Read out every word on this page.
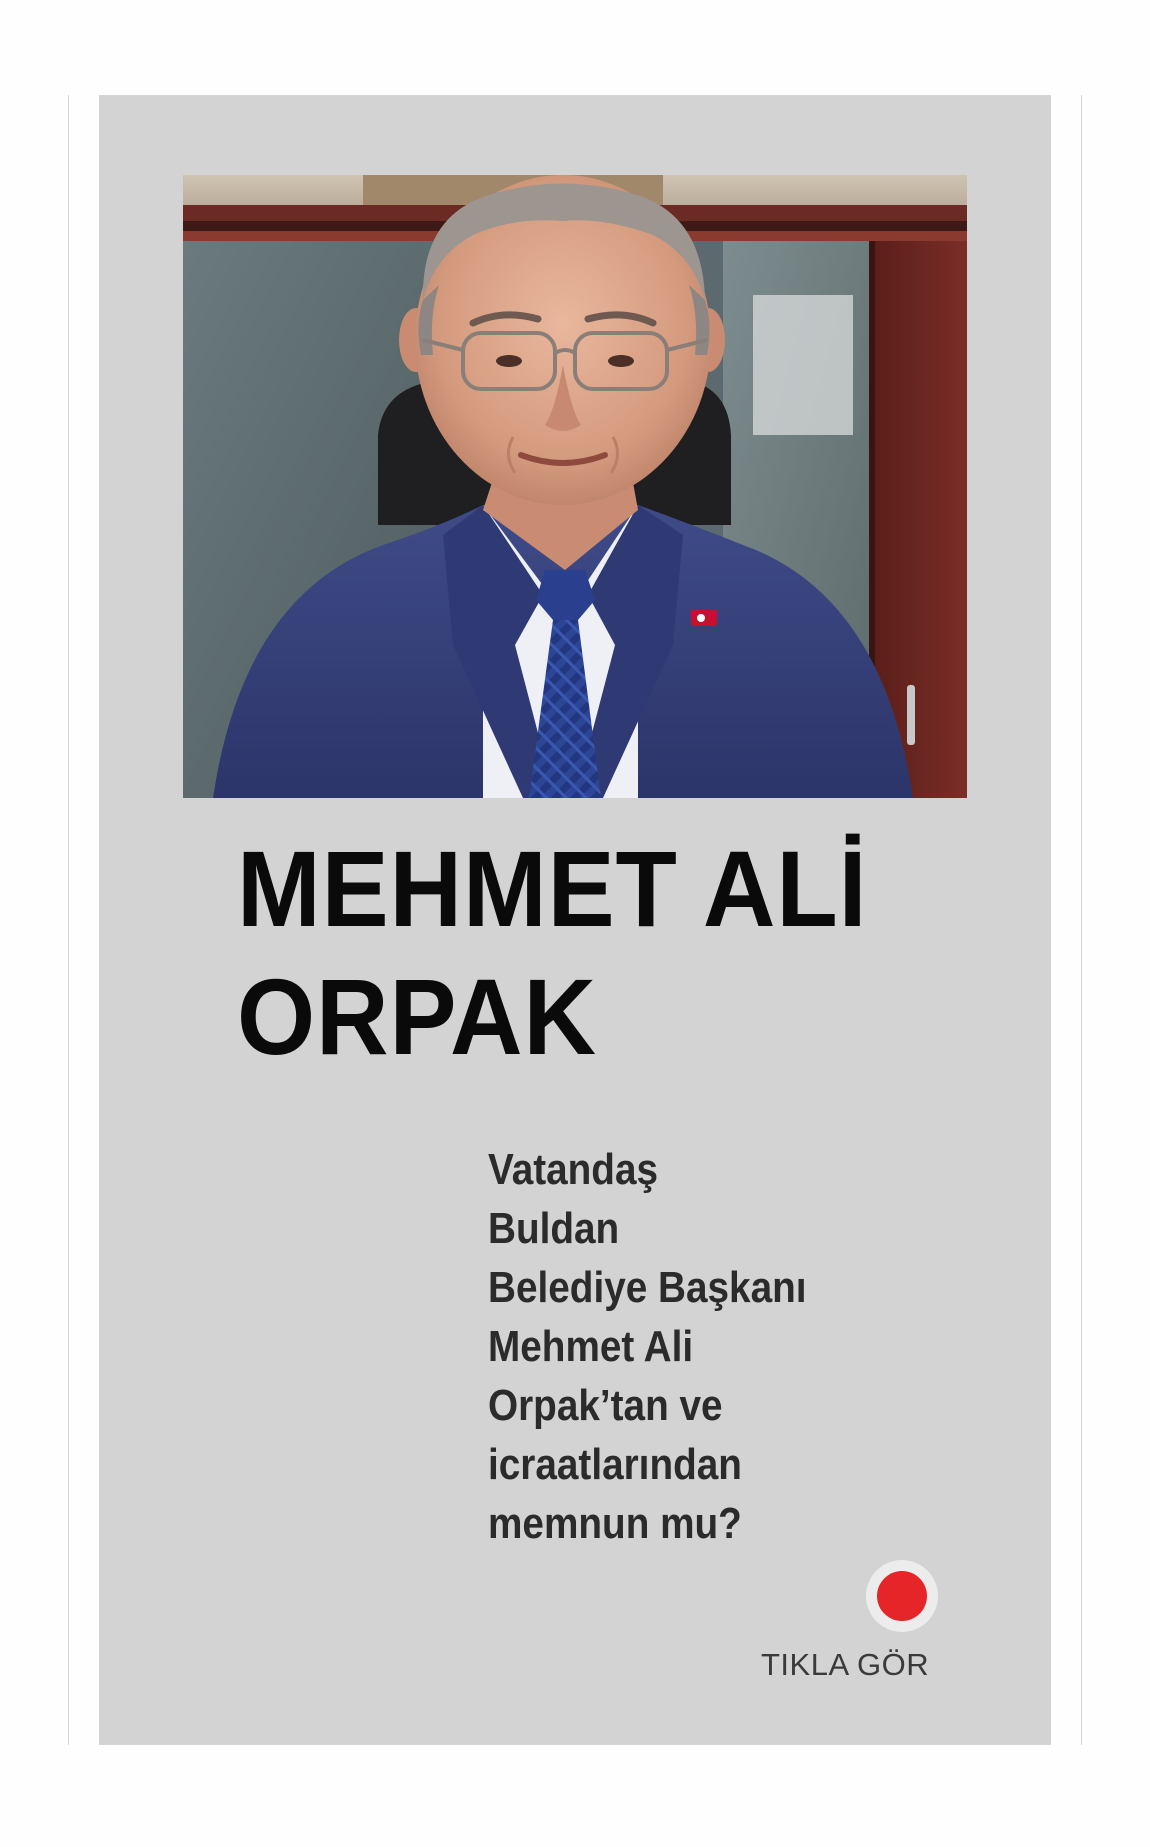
MEHMET ALİ
ORPAK

Vatandaş
Buldan
Belediye Başkanı
Mehmet Ali
Orpak’tan ve
icraatlarından
memnun mu?

TIKLA GÖR
